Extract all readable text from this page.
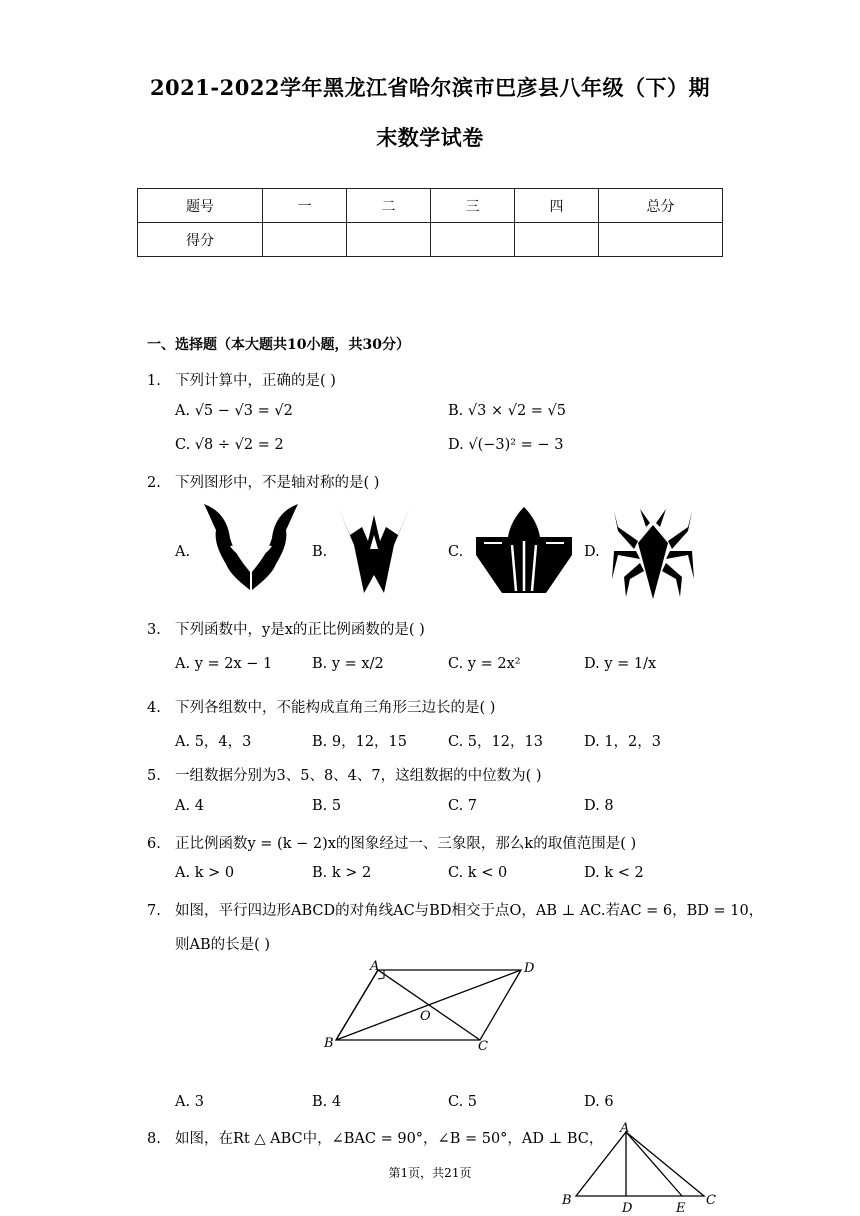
2021-2022学年黑龙江省哈尔滨市巴彦县八年级（下）期
末数学试卷
题号	一	二	三	四	总分
得分					
一、选择题（本大题共10小题，共30分）
1. 下列计算中，正确的是( )
A. √5 − √3 = √2	B. √3 × √2 = √5
C. √8 ÷ √2 = 2	D. √(−3)² = − 3
2. 下列图形中，不是轴对称的是( )
A.	B.	C.	D.
3. 下列函数中，y是x的正比例函数的是( )
A. y = 2x − 1	B. y = x/2	C. y = 2x²	D. y = 1/x
4. 下列各组数中，不能构成直角三角形三边长的是( )
A. 5，4，3	B. 9，12，15	C. 5，12，13	D. 1，2，3
5. 一组数据分别为3、5、8、4、7，这组数据的中位数为( )
A. 4	B. 5	C. 7	D. 8
6. 正比例函数y = (k − 2)x的图象经过一、三象限，那么k的取值范围是( )
A. k > 0	B. k > 2	C. k < 0	D. k < 2
7. 如图，平行四边形ABCD的对角线AC与BD相交于点O，AB ⊥ AC.若AC = 6，BD = 10，
则AB的长是( )
A	D
B	C
O
A. 3	B. 4	C. 5	D. 6
8. 如图，在Rt △ ABC中，∠BAC = 90°，∠B = 50°，AD ⊥ BC，
A
B	C
D	E
第1页，共21页
